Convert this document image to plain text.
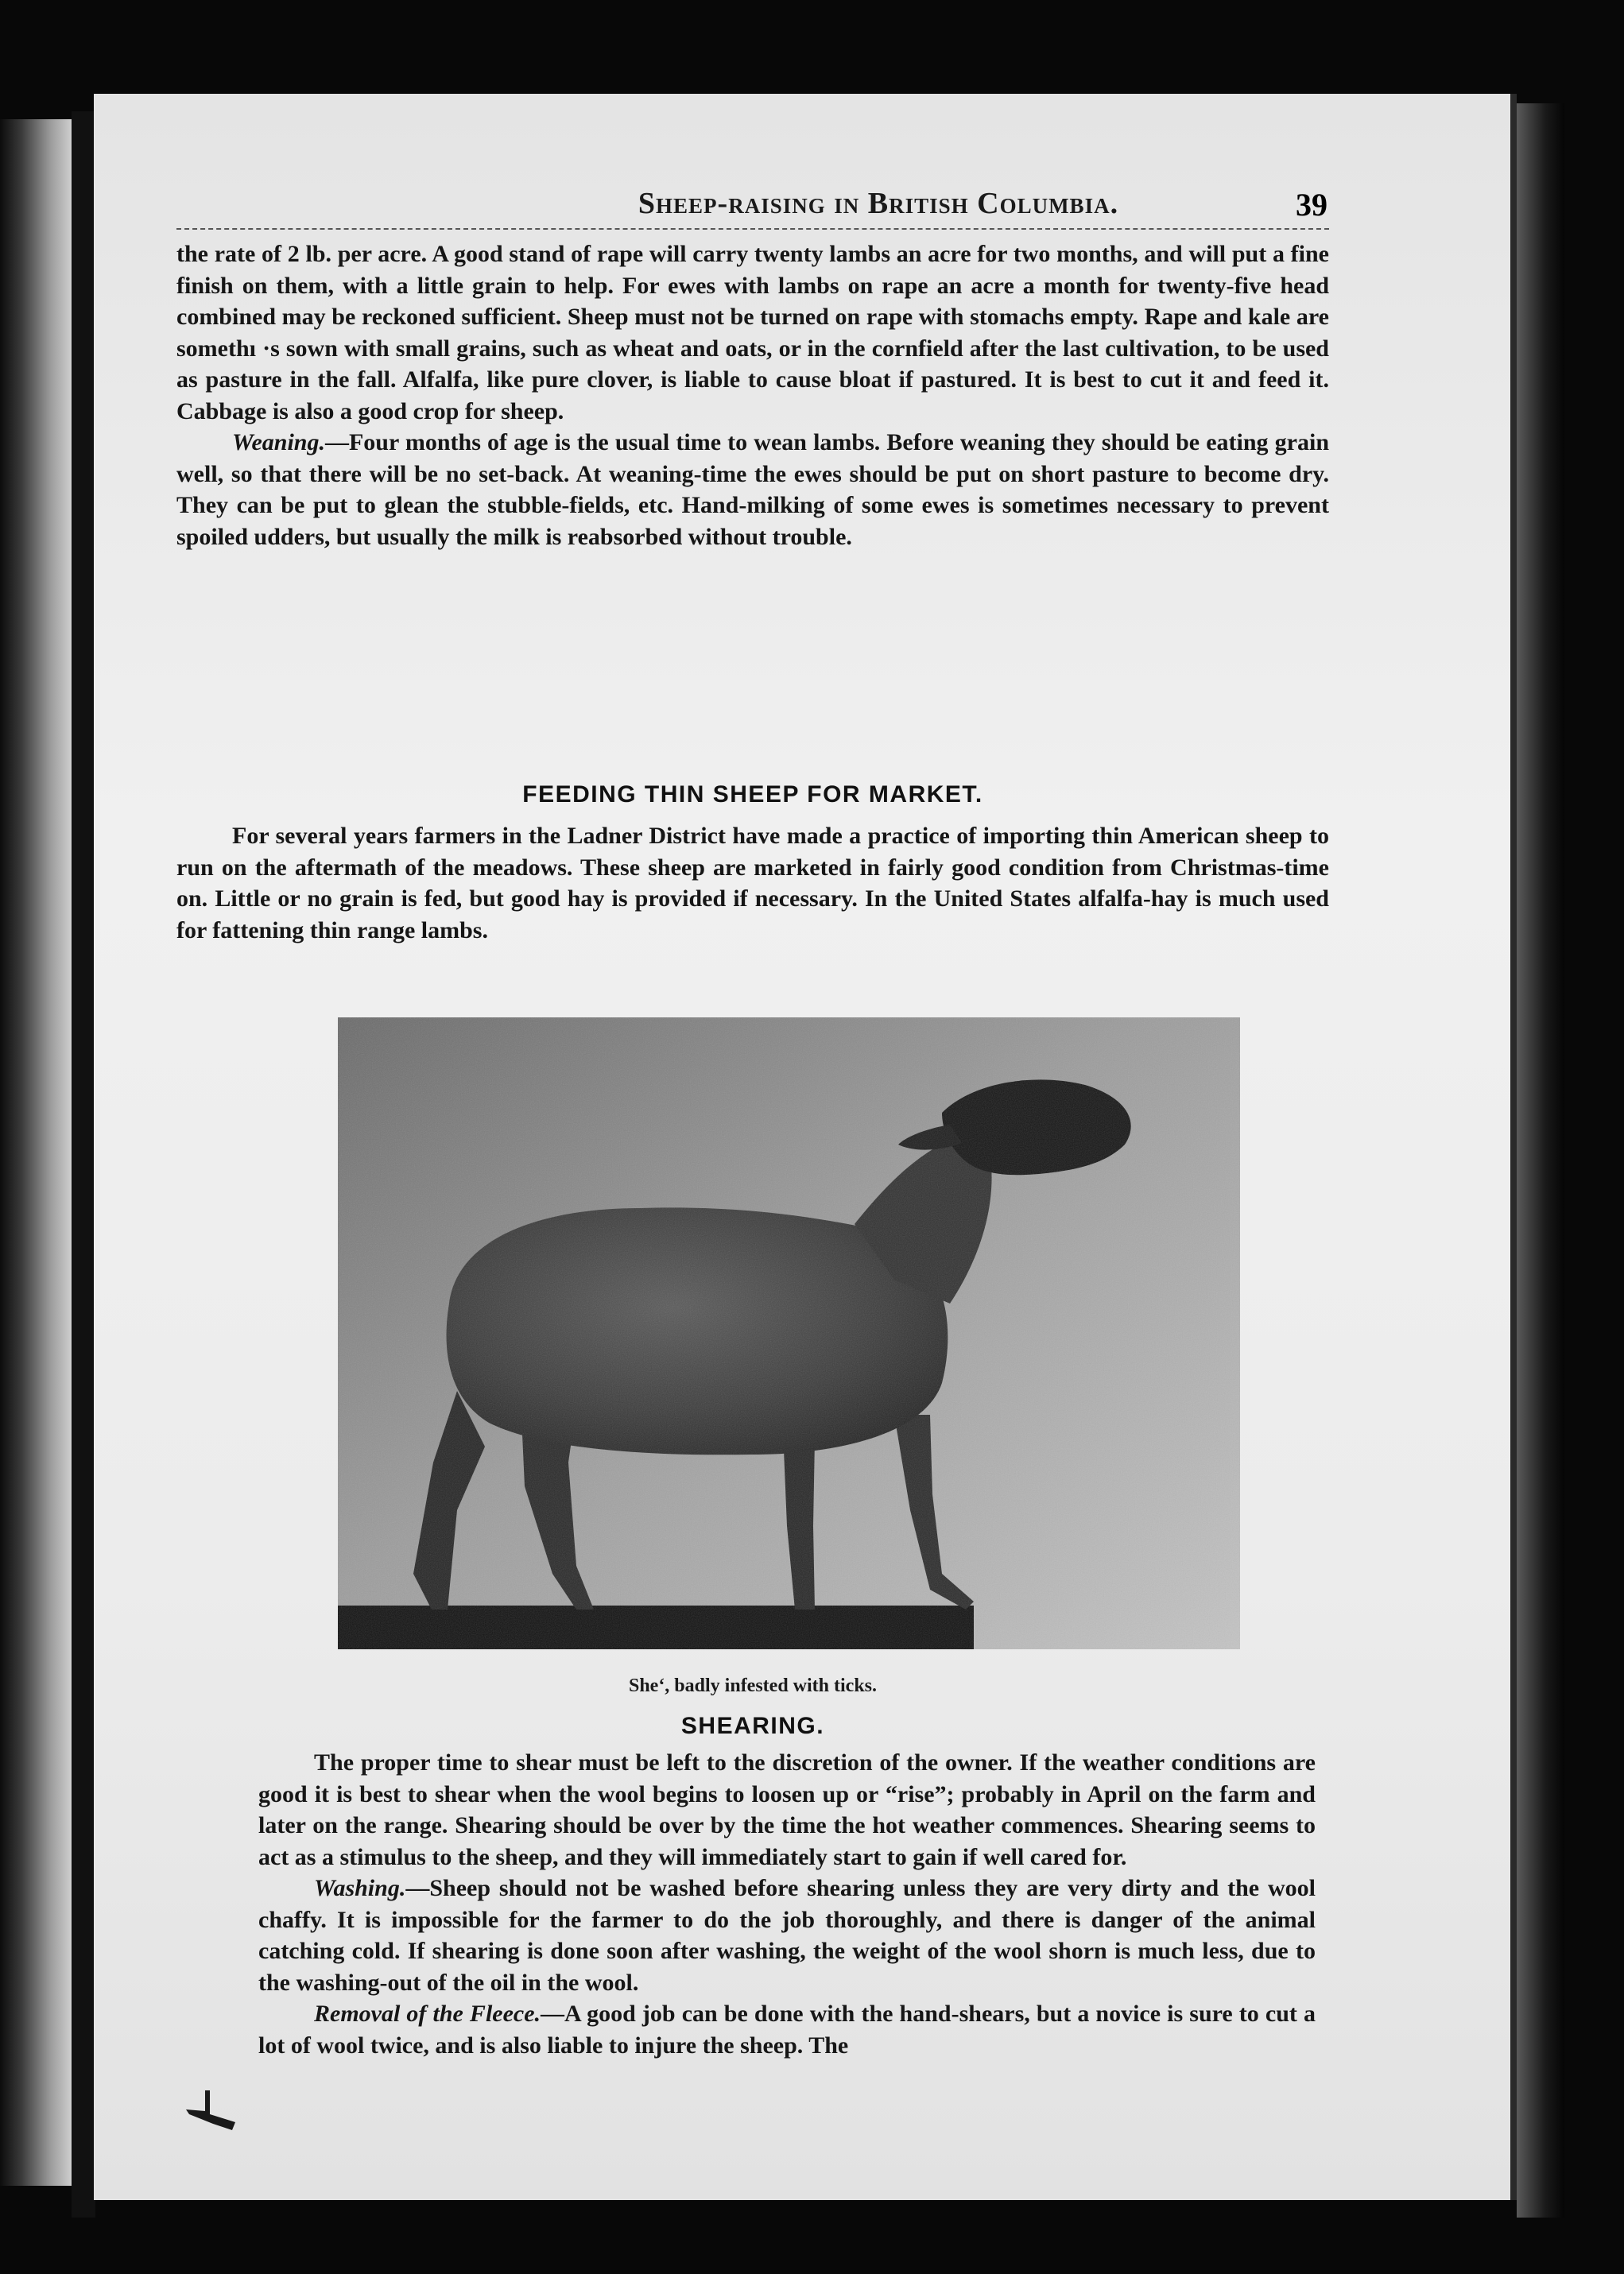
Sheep-raising in British Columbia.	39

the rate of 2 lb. per acre. A good stand of rape will carry twenty lambs an acre for two months, and will put a fine finish on them, with a little grain to help. For ewes with lambs on rape an acre a month for twenty-five head combined may be reckoned sufficient. Sheep must not be turned on rape with stomachs empty. Rape and kale are somethı ·s sown with small grains, such as wheat and oats, or in the cornfield after the last cultivation, to be used as pasture in the fall. Alfalfa, like pure clover, is liable to cause bloat if pastured. It is best to cut it and feed it. Cabbage is also a good crop for sheep.

Weaning.—Four months of age is the usual time to wean lambs. Before weaning they should be eating grain well, so that there will be no set-back. At weaning-time the ewes should be put on short pasture to become dry. They can be put to glean the stubble-fields, etc. Hand-milking of some ewes is sometimes necessary to prevent spoiled udders, but usually the milk is reabsorbed without trouble.

FEEDING THIN SHEEP FOR MARKET.

For several years farmers in the Ladner District have made a practice of importing thin American sheep to run on the aftermath of the meadows. These sheep are marketed in fairly good condition from Christmas-time on. Little or no grain is fed, but good hay is provided if necessary. In the United States alfalfa-hay is much used for fattening thin range lambs.

Sheʻ, badly infested with ticks.
SHEARING.

The proper time to shear must be left to the discretion of the owner. If the weather conditions are good it is best to shear when the wool begins to loosen up or “rise”; probably in April on the farm and later on the range. Shearing should be over by the time the hot weather commences. Shearing seems to act as a stimulus to the sheep, and they will immediately start to gain if well cared for.

Washing.—Sheep should not be washed before shearing unless they are very dirty and the wool chaffy. It is impossible for the farmer to do the job thoroughly, and there is danger of the animal catching cold. If shearing is done soon after washing, the weight of the wool shorn is much less, due to the washing-out of the oil in the wool.

Removal of the Fleece.—A good job can be done with the hand-shears, but a novice is sure to cut a lot of wool twice, and is also liable to injure the sheep. The
